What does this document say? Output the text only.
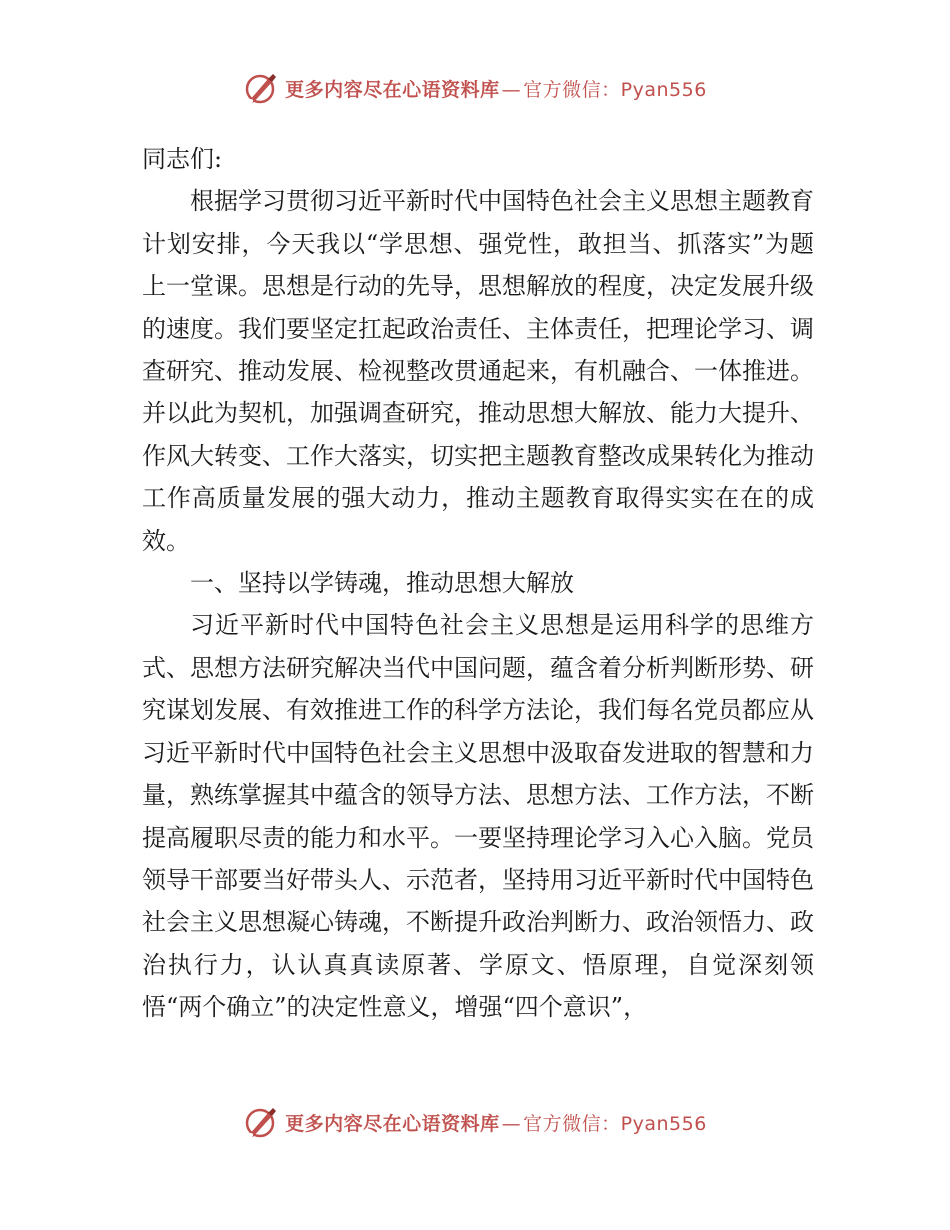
更多内容尽在心语资料库 — 官方微信：Pyan556

同志们:

根据学习贯彻习近平新时代中国特色社会主义思想主题教育计划安排，今天我以“学思想、强党性，敢担当、抓落实”为题上一堂课。思想是行动的先导，思想解放的程度，决定发展升级的速度。我们要坚定扛起政治责任、主体责任，把理论学习、调查研究、推动发展、检视整改贯通起来，有机融合、一体推进。并以此为契机，加强调查研究，推动思想大解放、能力大提升、作风大转变、工作大落实，切实把主题教育整改成果转化为推动工作高质量发展的强大动力，推动主题教育取得实实在在的成效。

一、坚持以学铸魂，推动思想大解放

习近平新时代中国特色社会主义思想是运用科学的思维方式、思想方法研究解决当代中国问题，蕴含着分析判断形势、研究谋划发展、有效推进工作的科学方法论，我们每名党员都应从习近平新时代中国特色社会主义思想中汲取奋发进取的智慧和力量，熟练掌握其中蕴含的领导方法、思想方法、工作方法，不断提高履职尽责的能力和水平。一要坚持理论学习入心入脑。党员领导干部要当好带头人、示范者，坚持用习近平新时代中国特色社会主义思想凝心铸魂，不断提升政治判断力、政治领悟力、政治执行力，认认真真读原著、学原文、悟原理，自觉深刻领悟“两个确立”的决定性意义，增强“四个意识”，

更多内容尽在心语资料库 — 官方微信：Pyan556
